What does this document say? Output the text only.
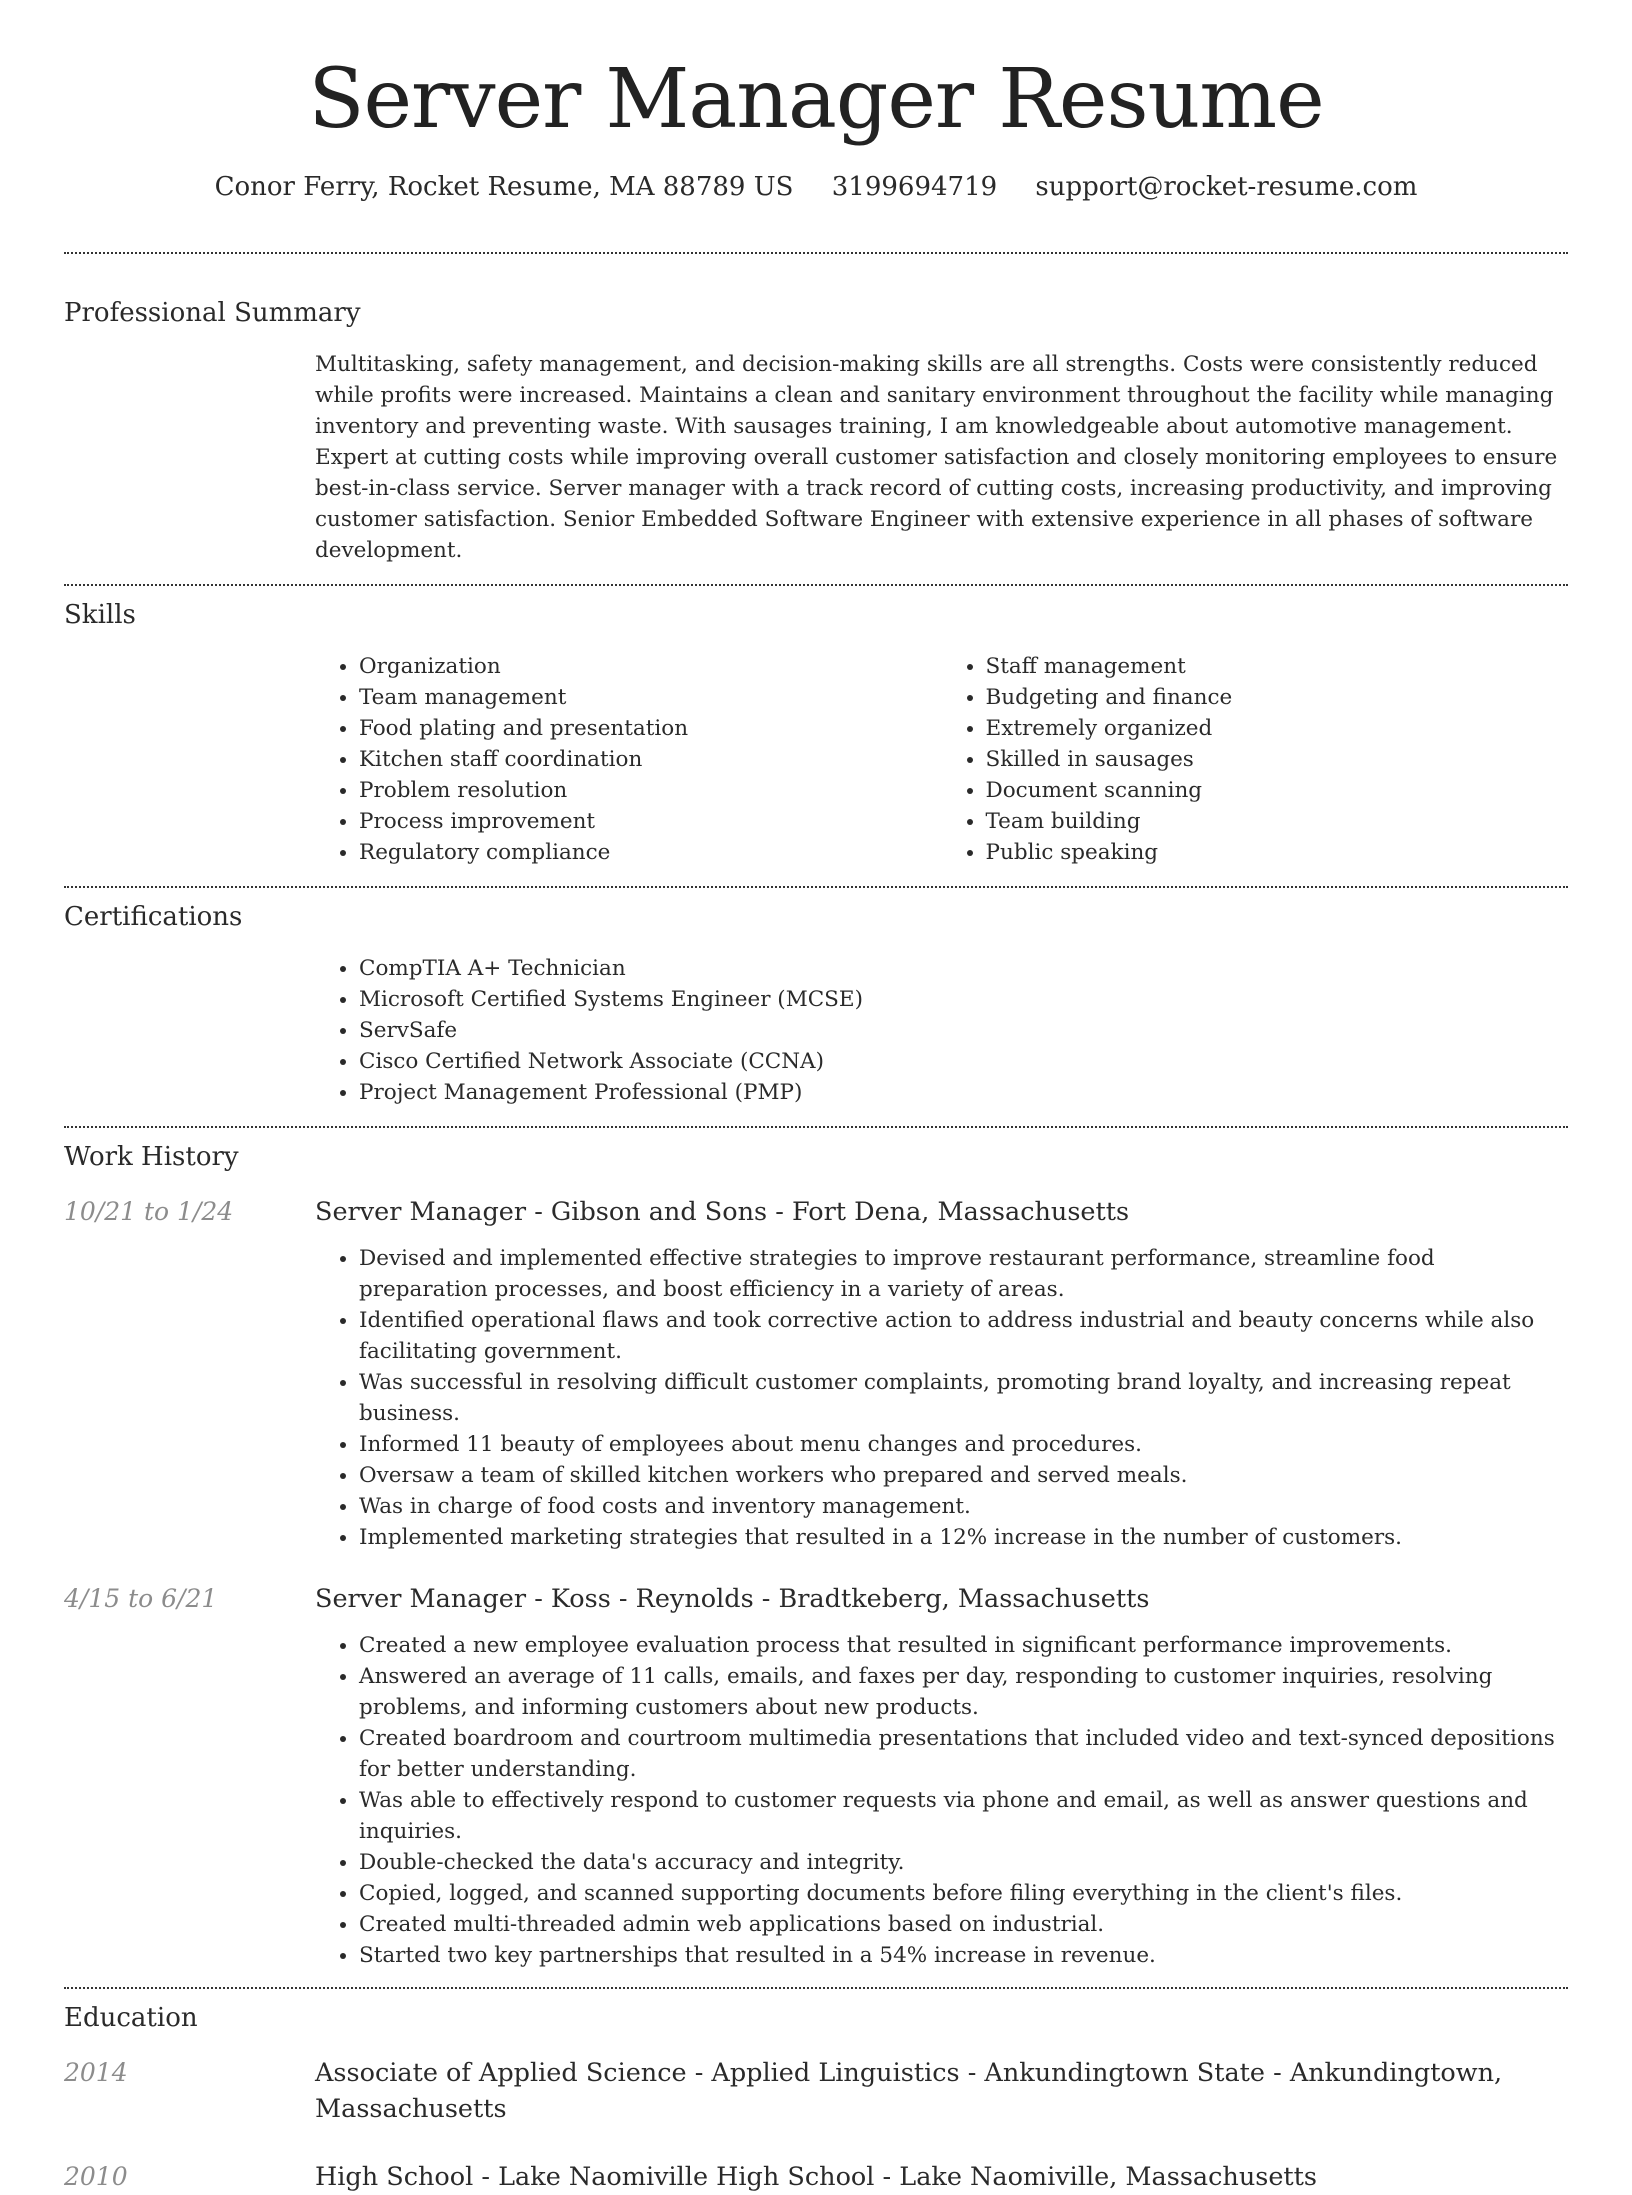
Server Manager Resume
Conor Ferry, Rocket Resume, MA 88789 US 3199694719 support@rocket-resume.com
Professional Summary

Multitasking, safety management, and decision-making skills are all strengths. Costs were consistently reduced while profits were increased. Maintains a clean and sanitary environment throughout the facility while managing inventory and preventing waste. With sausages training, I am knowledgeable about automotive management. Expert at cutting costs while improving overall customer satisfaction and closely monitoring employees to ensure best-in-class service. Server manager with a track record of cutting costs, increasing productivity, and improving customer satisfaction. Senior Embedded Software Engineer with extensive experience in all phases of software development.

Skills
• Organization
• Team management
• Food plating and presentation
• Kitchen staff coordination
• Problem resolution
• Process improvement
• Regulatory compliance
• Staff management
• Budgeting and finance
• Extremely organized
• Skilled in sausages
• Document scanning
• Team building
• Public speaking
Certifications
• CompTIA A+ Technician
• Microsoft Certified Systems Engineer (MCSE)
• ServSafe
• Cisco Certified Network Associate (CCNA)
• Project Management Professional (PMP)
Work History
10/21 to 1/24	Server Manager - Gibson and Sons - Fort Dena, Massachusetts
• Devised and implemented effective strategies to improve restaurant performance, streamline food preparation processes, and boost efficiency in a variety of areas.
• Identified operational flaws and took corrective action to address industrial and beauty concerns while also facilitating government.
• Was successful in resolving difficult customer complaints, promoting brand loyalty, and increasing repeat business.
• Informed 11 beauty of employees about menu changes and procedures.
• Oversaw a team of skilled kitchen workers who prepared and served meals.
• Was in charge of food costs and inventory management.
• Implemented marketing strategies that resulted in a 12% increase in the number of customers.
4/15 to 6/21	Server Manager - Koss - Reynolds - Bradtkeberg, Massachusetts
• Created a new employee evaluation process that resulted in significant performance improvements.
• Answered an average of 11 calls, emails, and faxes per day, responding to customer inquiries, resolving problems, and informing customers about new products.
• Created boardroom and courtroom multimedia presentations that included video and text-synced depositions for better understanding.
• Was able to effectively respond to customer requests via phone and email, as well as answer questions and inquiries.
• Double-checked the data's accuracy and integrity.
• Copied, logged, and scanned supporting documents before filing everything in the client's files.
• Created multi-threaded admin web applications based on industrial.
• Started two key partnerships that resulted in a 54% increase in revenue.
Education
2014	Associate of Applied Science - Applied Linguistics - Ankundingtown State - Ankundingtown, Massachusetts
2010	High School - Lake Naomiville High School - Lake Naomiville, Massachusetts
